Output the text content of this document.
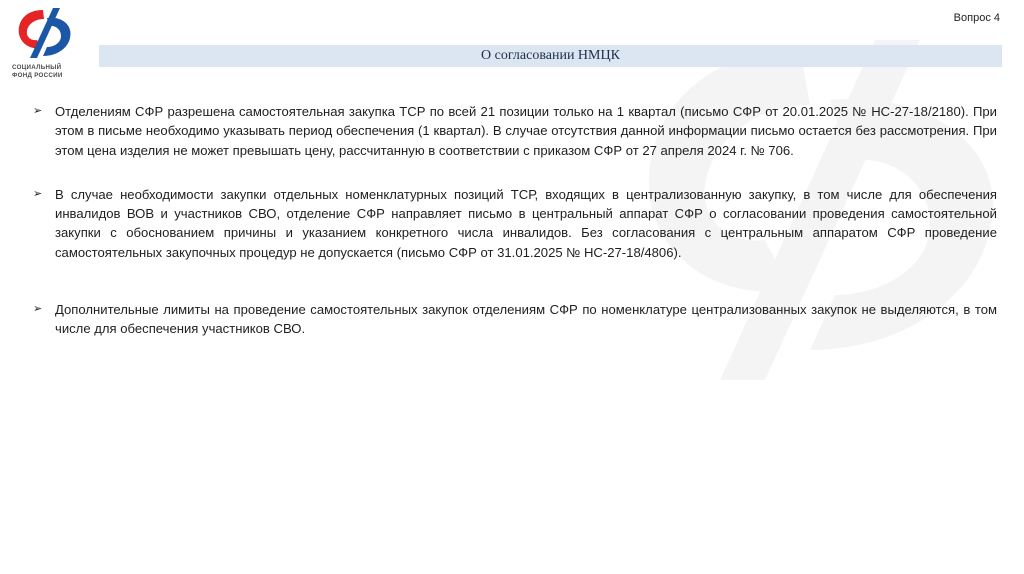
СОЦИАЛЬНЫЙ
ФОНД РОССИИ
Вопрос 4
О согласовании НМЦК
➢ Отделениям СФР разрешена самостоятельная закупка ТСР по всей 21 позиции только на 1 квартал (письмо СФР от 20.01.2025 № НС-27-18/2180). При этом в письме необходимо указывать период обеспечения (1 квартал). В случае отсутствия данной информации письмо остается без рассмотрения. При этом цена изделия не может превышать цену, рассчитанную в соответствии с приказом СФР от 27 апреля 2024 г. № 706.
➢ В случае необходимости закупки отдельных номенклатурных позиций ТСР, входящих в централизованную закупку, в том числе для обеспечения инвалидов ВОВ и участников СВО, отделение СФР направляет письмо в центральный аппарат СФР о согласовании проведения самостоятельной закупки с обоснованием причины и указанием конкретного числа инвалидов. Без согласования с центральным аппаратом СФР проведение самостоятельных закупочных процедур не допускается (письмо СФР от 31.01.2025 № НС-27-18/4806).
➢ Дополнительные лимиты на проведение самостоятельных закупок отделениям СФР по номенклатуре централизованных закупок не выделяются, в том числе для обеспечения участников СВО.
